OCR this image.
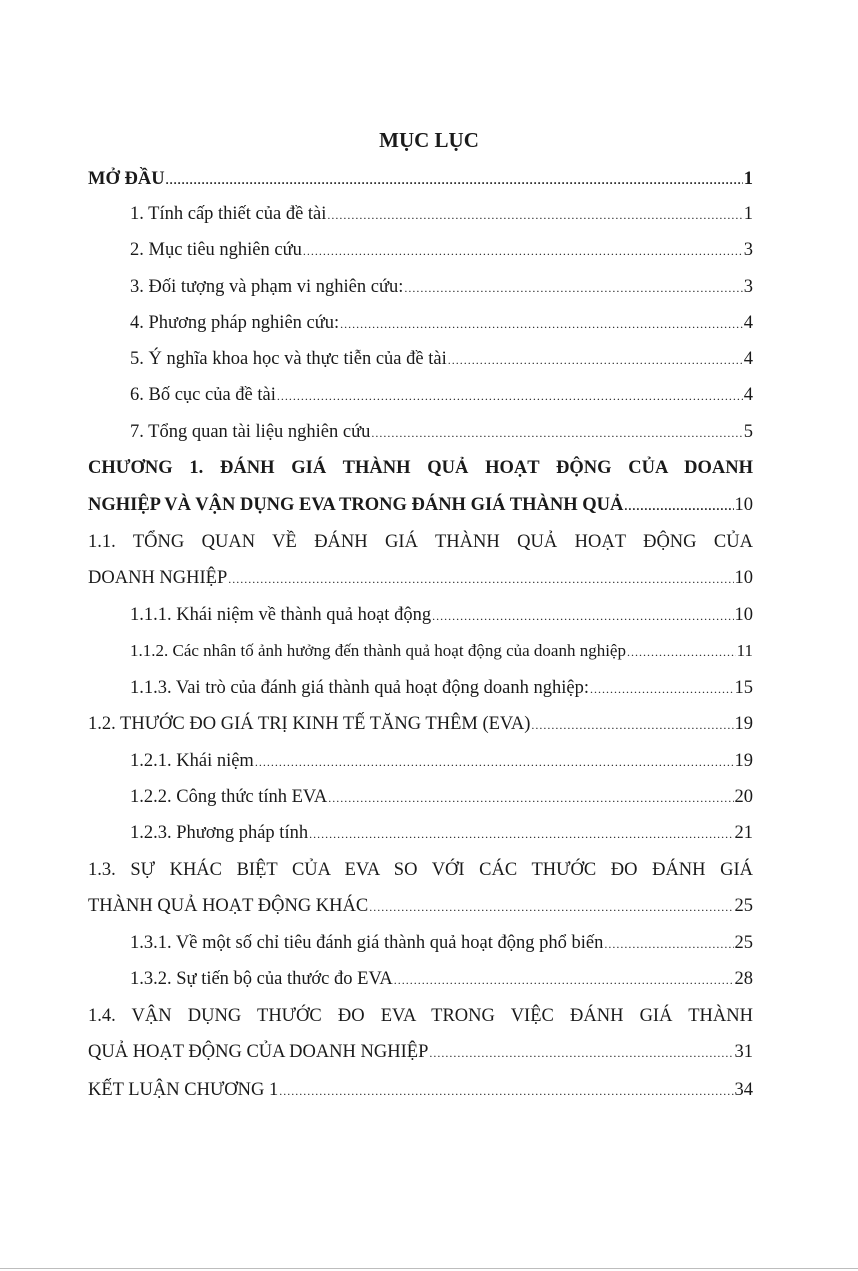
MỤC LỤC
MỞ ĐẦU .....	1
1. Tính cấp thiết của đề tài .....	1
2. Mục tiêu nghiên cứu .....	3
3. Đối tượng và phạm vi nghiên cứu: .....	3
4. Phương pháp nghiên cứu: .....	4
5. Ý nghĩa khoa học và thực tiễn của đề tài .....	4
6. Bố cục của đề tài .....	4
7. Tổng quan tài liệu nghiên cứu .....	5
CHƯƠNG 1. ĐÁNH GIÁ THÀNH QUẢ HOẠT ĐỘNG CỦA DOANH
NGHIỆP VÀ VẬN DỤNG EVA TRONG ĐÁNH GIÁ THÀNH QUẢ .....	10
1.1. TỔNG QUAN VỀ ĐÁNH GIÁ THÀNH QUẢ HOẠT ĐỘNG CỦA
DOANH NGHIỆP .....	10
1.1.1. Khái niệm về thành quả hoạt động .....	10
1.1.2. Các nhân tố ảnh hưởng đến thành quả hoạt động của doanh nghiệp .....	11
1.1.3. Vai trò của đánh giá thành quả hoạt động doanh nghiệp: .....	15
1.2. THƯỚC ĐO GIÁ TRỊ KINH TẾ TĂNG THÊM (EVA) .....	19
1.2.1. Khái niệm .....	19
1.2.2. Công thức tính EVA .....	20
1.2.3. Phương pháp tính .....	21
1.3. SỰ KHÁC BIỆT CỦA EVA SO VỚI CÁC THƯỚC ĐO ĐÁNH GIÁ
THÀNH QUẢ HOẠT ĐỘNG KHÁC .....	25
1.3.1. Về một số chỉ tiêu đánh giá thành quả hoạt động phổ biến .....	25
1.3.2. Sự tiến bộ của thước đo EVA .....	28
1.4. VẬN DỤNG THƯỚC ĐO EVA TRONG VIỆC ĐÁNH GIÁ THÀNH
QUẢ HOẠT ĐỘNG CỦA DOANH NGHIỆP .....	31
KẾT LUẬN CHƯƠNG 1 .....	34
